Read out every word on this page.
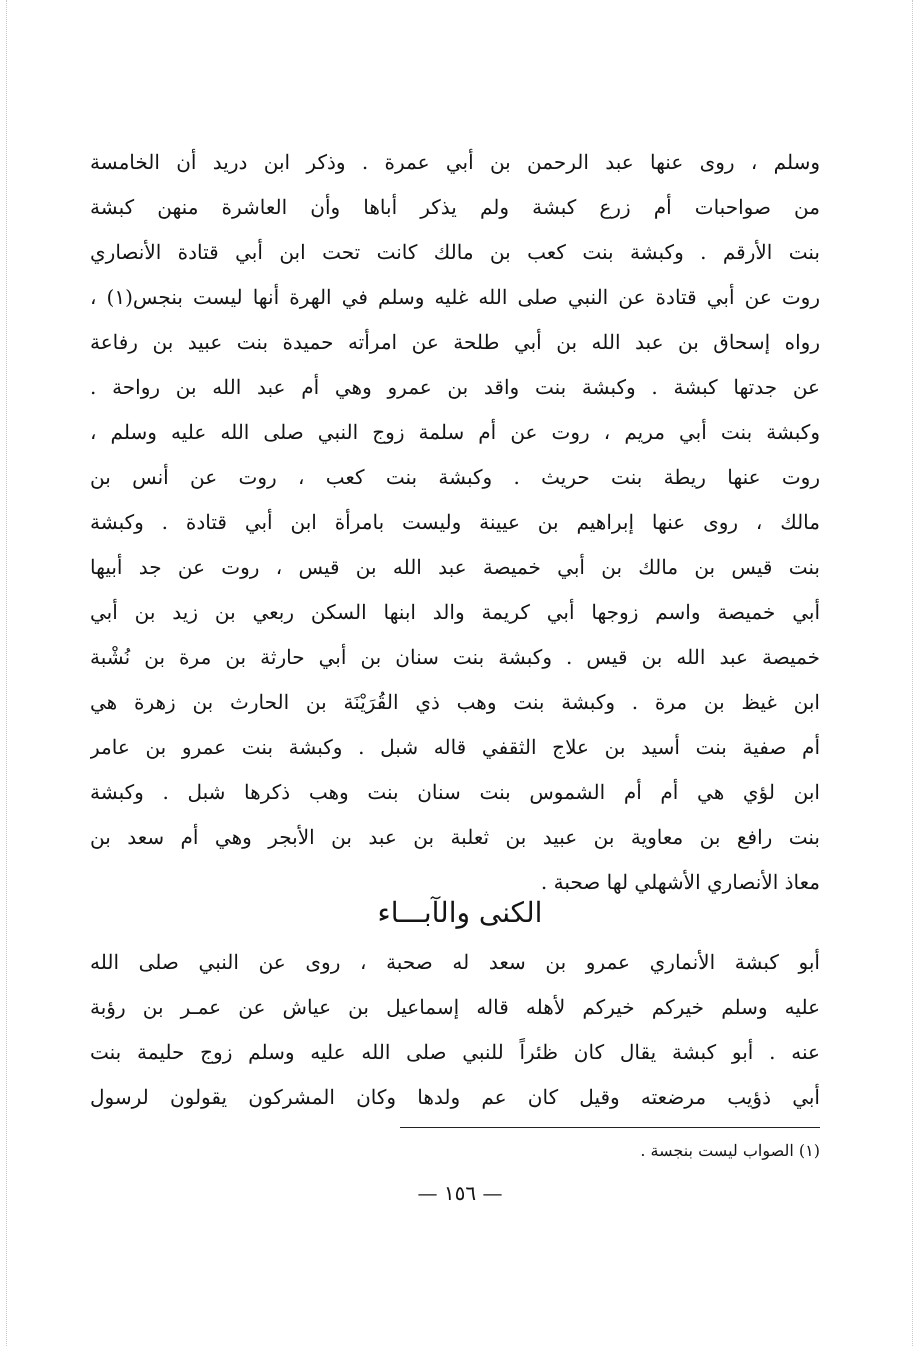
وسلم ، روى عنها عبد الرحمن بن أبي عمرة . وذكر ابن دريد أن الخامسة
من صواحبات أم زرع كبشة ولم يذكر أباها وأن العاشرة منهن كبشة
بنت الأرقم . وكبشة بنت كعب بن مالك كانت تحت ابن أبي قتادة الأنصاري
روت عن أبي قتادة عن النبي صلى الله غليه وسلم في الهرة أنها ليست بنجس(١) ،
رواه إسحاق بن عبد الله بن أبي طلحة عن امرأته حميدة بنت عبيد بن رفاعة
عن جدتها كبشة . وكبشة بنت واقد بن عمرو وهي أم عبد الله بن رواحة .
وكبشة بنت أبي مريم ، روت عن أم سلمة زوج النبي صلى الله عليه وسلم ،
روت عنها ريطة بنت حريث . وكبشة بنت كعب ، روت عن أنس بن
مالك ، روى عنها إبراهيم بن عيينة وليست بامرأة ابن أبي قتادة . وكبشة
بنت قيس بن مالك بن أبي خميصة عبد الله بن قيس ، روت عن جد أبيها
أبي خميصة واسم زوجها أبي كريمة والد ابنها السكن ربعي بن زيد بن أبي
خميصة عبد الله بن قيس . وكبشة بنت سنان بن أبي حارثة بن مرة بن نُشْبة
ابن غيظ بن مرة . وكبشة بنت وهب ذي القُرَيْنَة بن الحارث بن زهرة هي
أم صفية بنت أسيد بن علاج الثقفي قاله شبل . وكبشة بنت عمرو بن عامر
ابن لؤي هي أم أم الشموس بنت سنان بنت وهب ذكرها شبل . وكبشة
بنت رافع بن معاوية بن عبيد بن ثعلبة بن عبد بن الأبجر وهي أم سعد بن
معاذ الأنصاري الأشهلي لها صحبة .
الكنى والآبـــاء
أبو كبشة الأنماري عمرو بن سعد له صحبة ، روى عن النبي صلى الله
عليه وسلم خيركم خيركم لأهله قاله إسماعيل بن عياش عن عمـر بن رؤبة
عنه . أبو كبشة يقال كان ظئراً للنبي صلى الله عليه وسلم زوج حليمة بنت
أبي ذؤيب مرضعته وقيل كان عم ولدها وكان المشركون يقولون لرسول
(١) الصواب ليست بنجسة .
— ١٥٦ —
